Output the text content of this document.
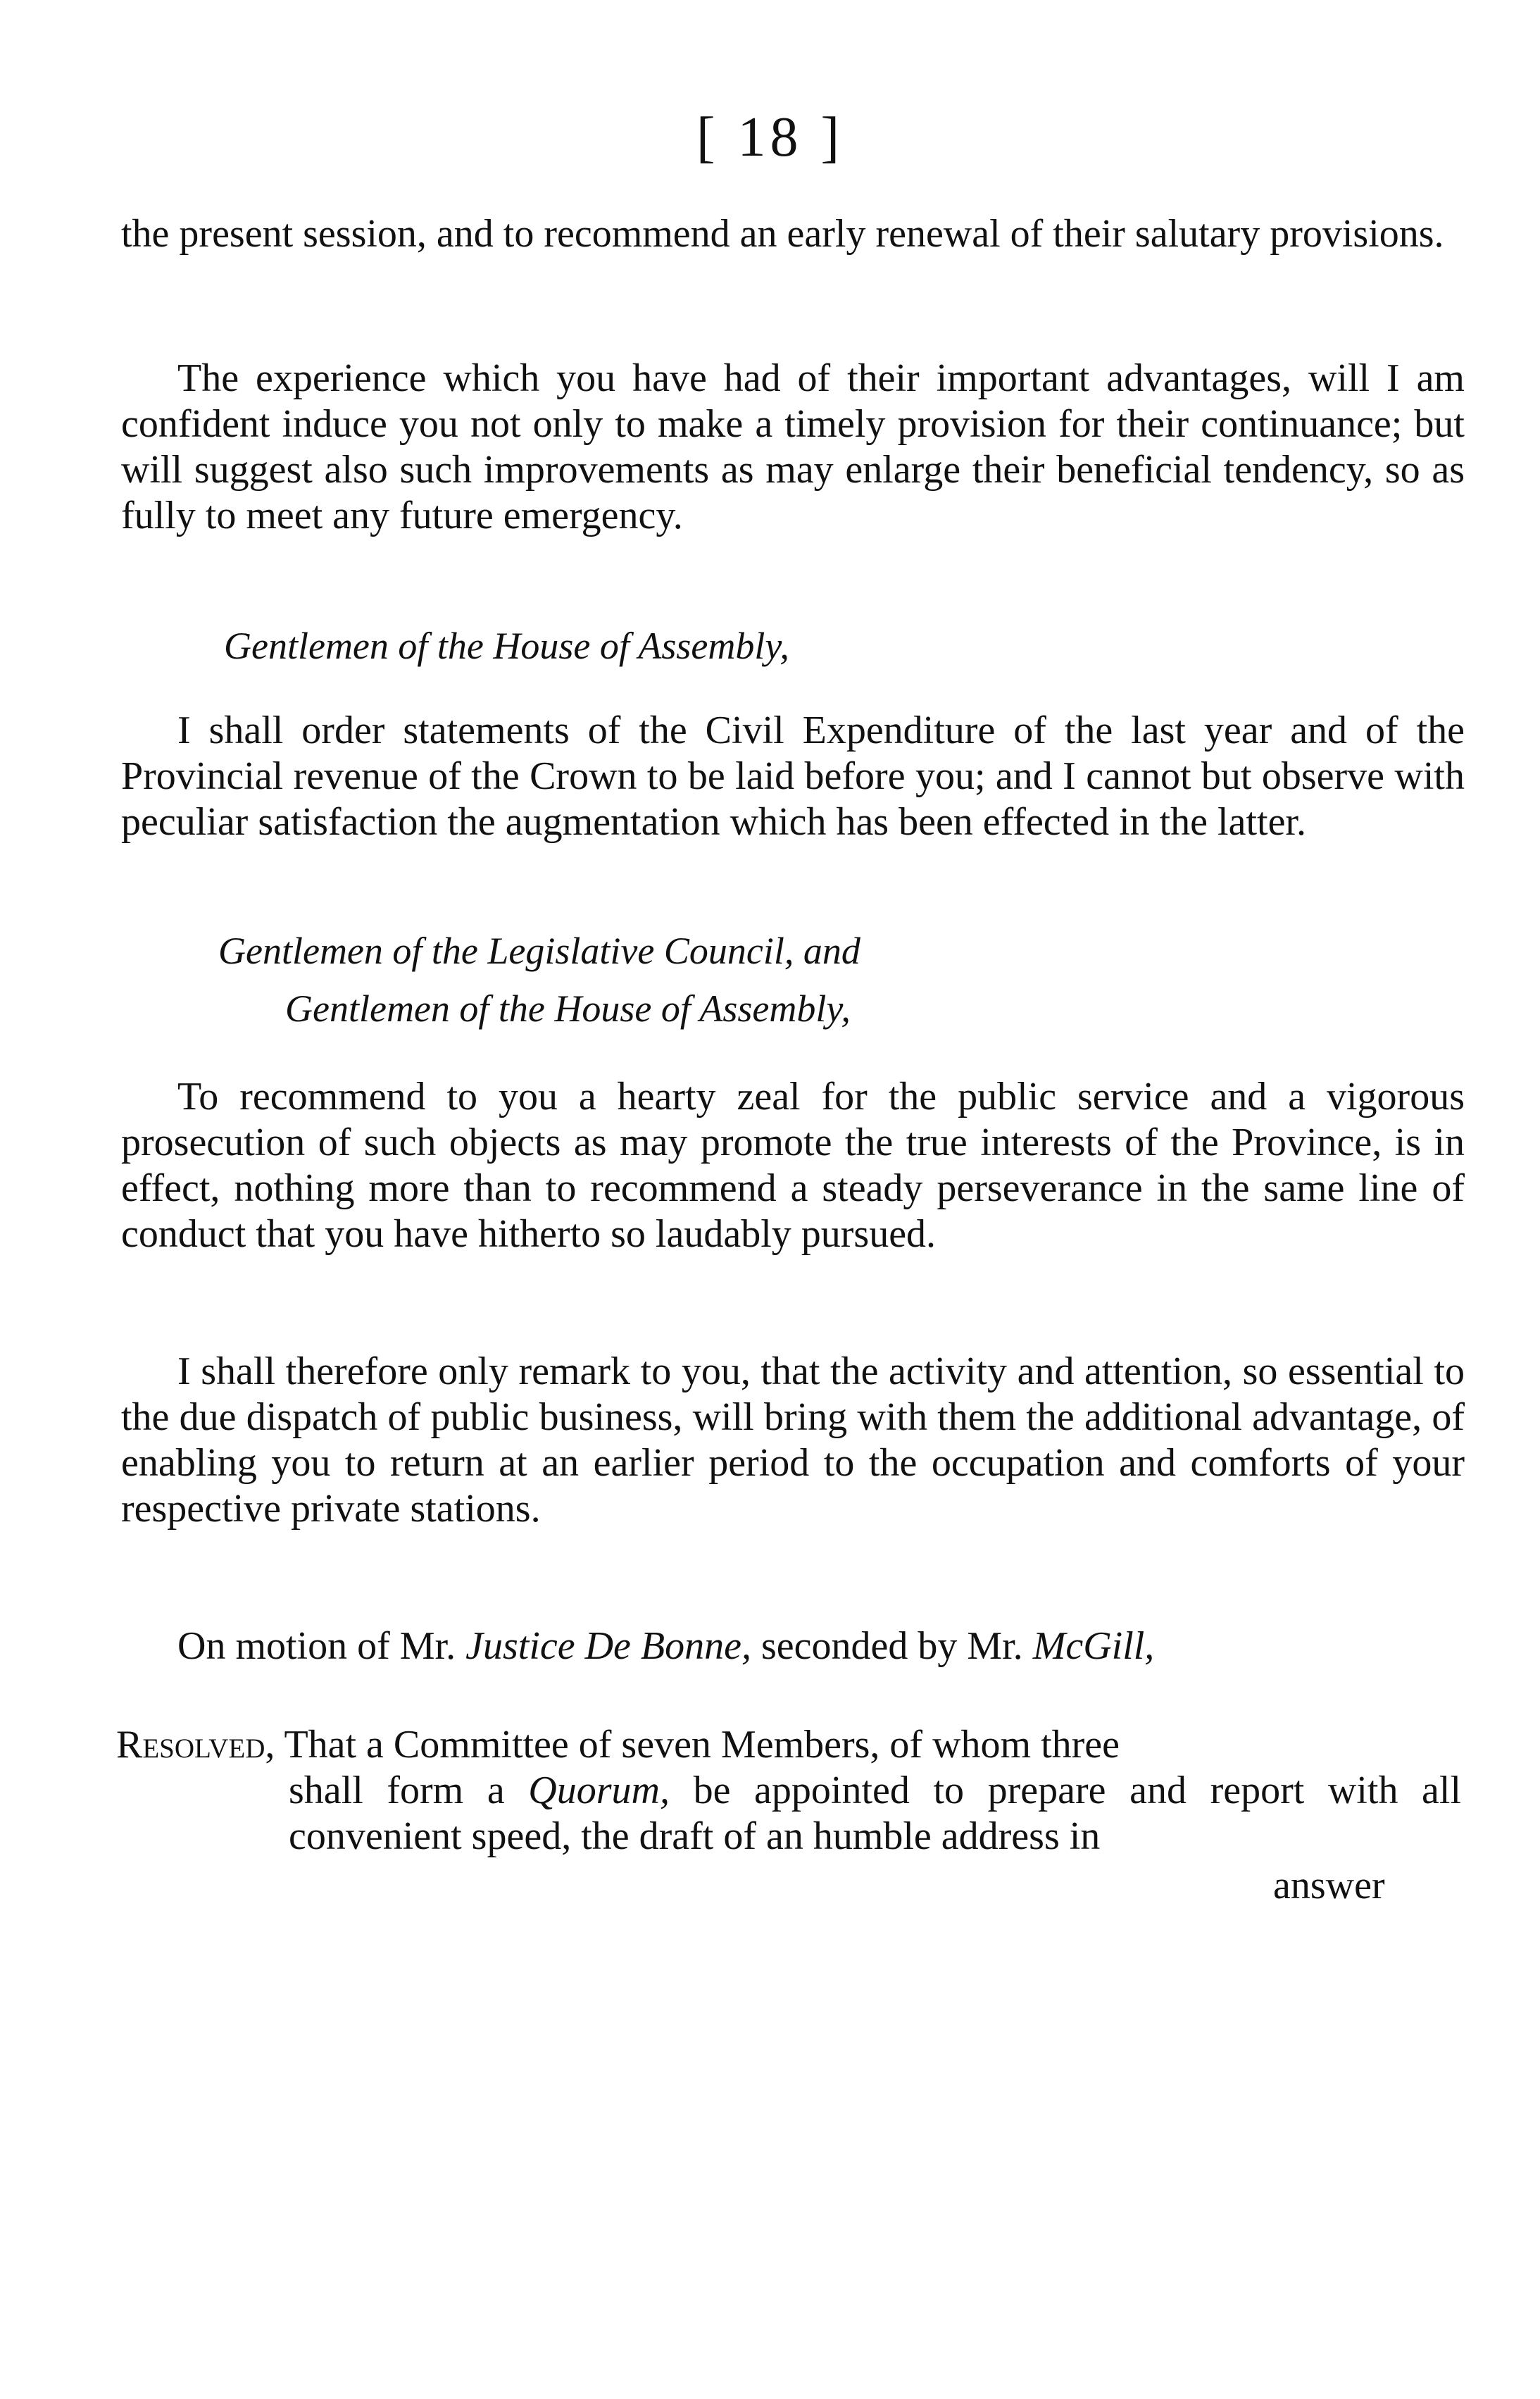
[ 18 ]

the present session, and to recommend an early renewal of their salutary provisions.

The experience which you have had of their important advantages, will I am confident induce you not only to make a timely provision for their continuance; but will suggest also such improvements as may enlarge their beneficial tendency, so as fully to meet any future emergency.

Gentlemen of the House of Assembly,

I shall order statements of the Civil Expenditure of the last year and of the Provincial revenue of the Crown to be laid before you; and I cannot but observe with peculiar satisfaction the augmentation which has been effected in the latter.

Gentlemen of the Legislative Council, and
Gentlemen of the House of Assembly,

To recommend to you a hearty zeal for the public service and a vigorous prosecution of such objects as may promote the true interests of the Province, is in effect, nothing more than to recommend a steady perseverance in the same line of conduct that you have hitherto so laudably pursued.

I shall therefore only remark to you, that the activity and attention, so essential to the due dispatch of public business, will bring with them the additional advantage, of enabling you to return at an earlier period to the occupation and comforts of your respective private stations.

On motion of Mr. Justice De Bonne, seconded by Mr. McGill,

Resolved, That a Committee of seven Members, of whom three
shall form a Quorum, be appointed to prepare and report with all convenient speed, the draft of an humble address in
answer
